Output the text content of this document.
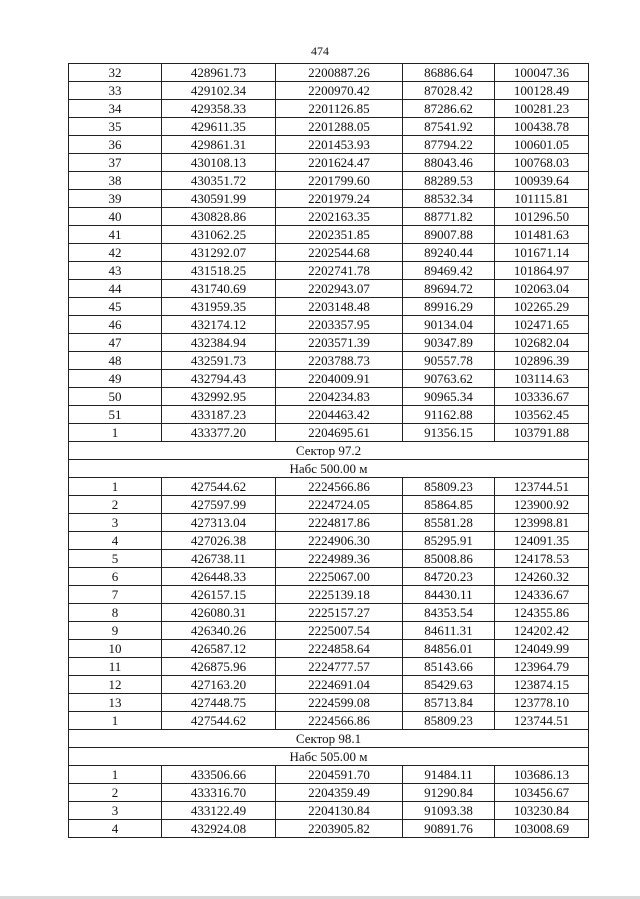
474
32	428961.73	2200887.26	86886.64	100047.36
33	429102.34	2200970.42	87028.42	100128.49
34	429358.33	2201126.85	87286.62	100281.23
35	429611.35	2201288.05	87541.92	100438.78
36	429861.31	2201453.93	87794.22	100601.05
37	430108.13	2201624.47	88043.46	100768.03
38	430351.72	2201799.60	88289.53	100939.64
39	430591.99	2201979.24	88532.34	101115.81
40	430828.86	2202163.35	88771.82	101296.50
41	431062.25	2202351.85	89007.88	101481.63
42	431292.07	2202544.68	89240.44	101671.14
43	431518.25	2202741.78	89469.42	101864.97
44	431740.69	2202943.07	89694.72	102063.04
45	431959.35	2203148.48	89916.29	102265.29
46	432174.12	2203357.95	90134.04	102471.65
47	432384.94	2203571.39	90347.89	102682.04
48	432591.73	2203788.73	90557.78	102896.39
49	432794.43	2204009.91	90763.62	103114.63
50	432992.95	2204234.83	90965.34	103336.67
51	433187.23	2204463.42	91162.88	103562.45
1	433377.20	2204695.61	91356.15	103791.88
Сектор 97.2				
Набс 500.00 м				
1	427544.62	2224566.86	85809.23	123744.51
2	427597.99	2224724.05	85864.85	123900.92
3	427313.04	2224817.86	85581.28	123998.81
4	427026.38	2224906.30	85295.91	124091.35
5	426738.11	2224989.36	85008.86	124178.53
6	426448.33	2225067.00	84720.23	124260.32
7	426157.15	2225139.18	84430.11	124336.67
8	426080.31	2225157.27	84353.54	124355.86
9	426340.26	2225007.54	84611.31	124202.42
10	426587.12	2224858.64	84856.01	124049.99
11	426875.96	2224777.57	85143.66	123964.79
12	427163.20	2224691.04	85429.63	123874.15
13	427448.75	2224599.08	85713.84	123778.10
1	427544.62	2224566.86	85809.23	123744.51
Сектор 98.1				
Набс 505.00 м				
1	433506.66	2204591.70	91484.11	103686.13
2	433316.70	2204359.49	91290.84	103456.67
3	433122.49	2204130.84	91093.38	103230.84
4	432924.08	2203905.82	90891.76	103008.69
